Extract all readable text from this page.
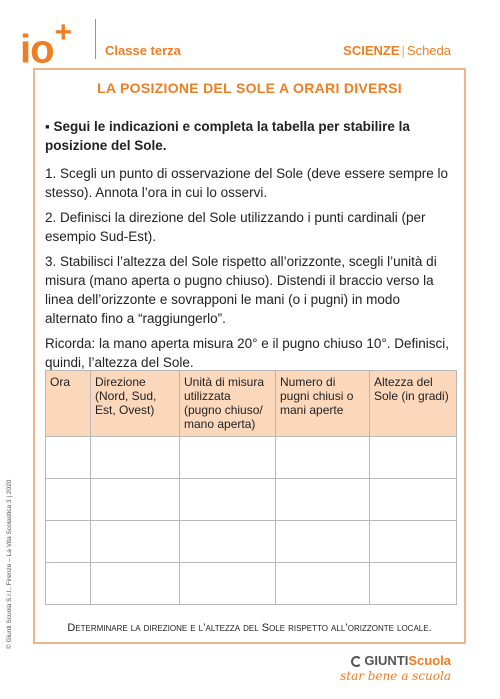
io+
Classe terza	SCIENZE | Scheda
LA POSIZIONE DEL SOLE A ORARI DIVERSI

▪ Segui le indicazioni e completa la tabella per stabilire la posizione del Sole.

1. Scegli un punto di osservazione del Sole (deve essere sempre lo stesso). Annota l’ora in cui lo osservi.

2. Definisci la direzione del Sole utilizzando i punti cardinali (per esempio Sud-Est).

3. Stabilisci l’altezza del Sole rispetto all’orizzonte, scegli l’unità di misura (mano aperta o pugno chiuso). Distendi il braccio verso la linea dell’orizzonte e sovrapponi le mani (o i pugni) in modo alternato fino a “raggiungerlo”.

Ricorda: la mano aperta misura 20° e il pugno chiuso 10°. Definisci, quindi, l’altezza del Sole.

Ora	Direzione (Nord, Sud, Est, Ovest)	Unità di misura utilizzata (pugno chiuso/ mano aperta)	Numero di pugni chiusi o mani aperte	Altezza del Sole (in gradi)

Determinare la direzione e l’altezza del Sole rispetto all’orizzonte locale.
© Giunti Scuola S.r.l., Firenze – La Vita Scolastica 3 | 2020
GIUNTIScuola
star bene a scuola
